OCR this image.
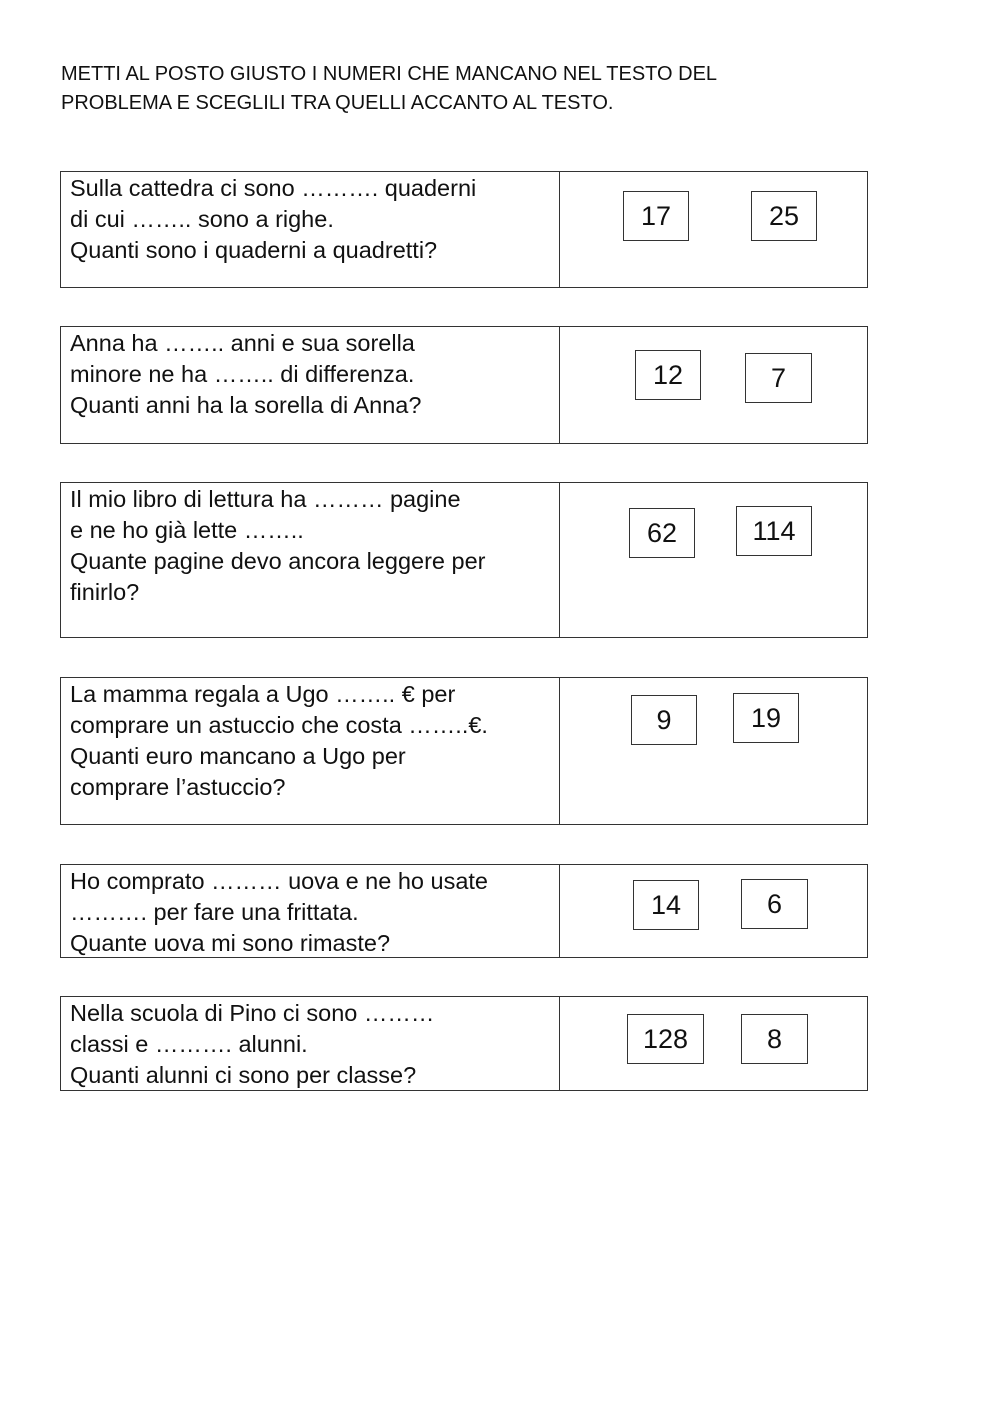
METTI AL POSTO GIUSTO I NUMERI CHE MANCANO NEL TESTO DEL
PROBLEMA E SCEGLILI TRA QUELLI ACCANTO AL TESTO.
Sulla cattedra ci sono ………. quaderni
di cui …….. sono a righe.
Quanti sono i quaderni a quadretti?
17	25
Anna ha …….. anni e sua sorella
minore ne ha …….. di differenza.
Quanti anni ha la sorella di Anna?
12	7
Il mio libro di lettura ha ……… pagine
e ne ho già lette ……..
Quante pagine devo ancora leggere per
finirlo?
62	114
La mamma regala a Ugo …….. € per
comprare un astuccio che costa ……..€.
Quanti euro mancano a Ugo per
comprare l’astuccio?
9	19
Ho comprato ……… uova e ne ho usate
………. per fare una frittata.
Quante uova mi sono rimaste?
14	6
Nella scuola di Pino ci sono ………
classi e ………. alunni.
Quanti alunni ci sono per classe?
128	8
